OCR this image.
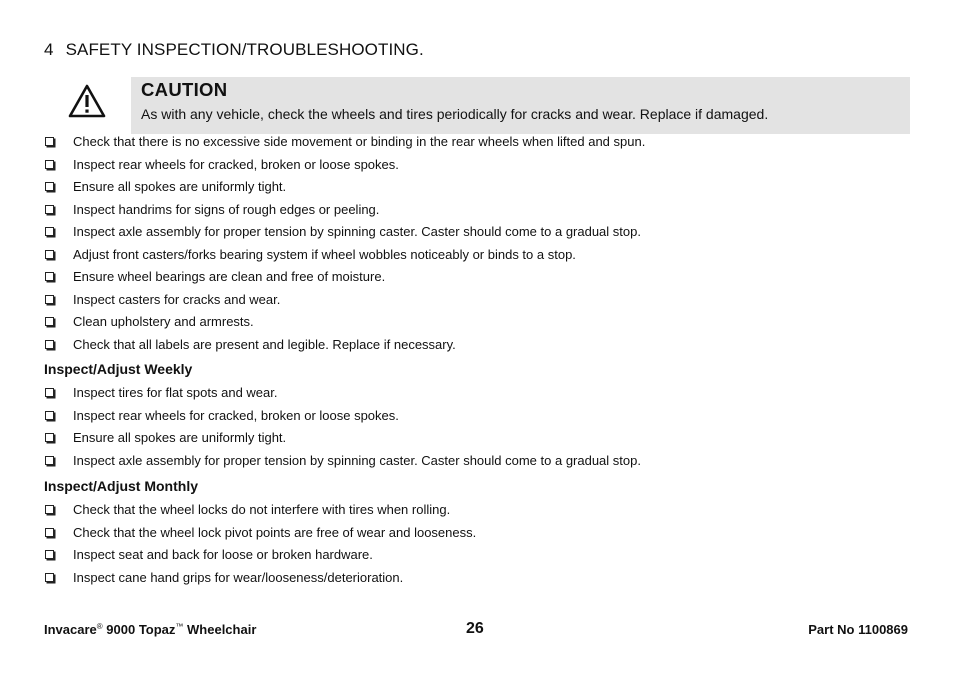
4 SAFETY INSPECTION/TROUBLESHOOTING.
CAUTION
As with any vehicle, check the wheels and tires periodically for cracks and wear. Replace if damaged.
Check that there is no excessive side movement or binding in the rear wheels when lifted and spun.
Inspect rear wheels for cracked, broken or loose spokes.
Ensure all spokes are uniformly tight.
Inspect handrims for signs of rough edges or peeling.
Inspect axle assembly for proper tension by spinning caster. Caster should come to a gradual stop.
Adjust front casters/forks bearing system if wheel wobbles noticeably or binds to a stop.
Ensure wheel bearings are clean and free of moisture.
Inspect casters for cracks and wear.
Clean upholstery and armrests.
Check that all labels are present and legible. Replace if necessary.
Inspect/Adjust Weekly
Inspect tires for flat spots and wear.
Inspect rear wheels for cracked, broken or loose spokes.
Ensure all spokes are uniformly tight.
Inspect axle assembly for proper tension by spinning caster. Caster should come to a gradual stop.
Inspect/Adjust Monthly
Check that the wheel locks do not interfere with tires when rolling.
Check that the wheel lock pivot points are free of wear and looseness.
Inspect seat and back for loose or broken hardware.
Inspect cane hand grips for wear/looseness/deterioration.
Invacare® 9000 Topaz™ Wheelchair	26	Part No 1100869
